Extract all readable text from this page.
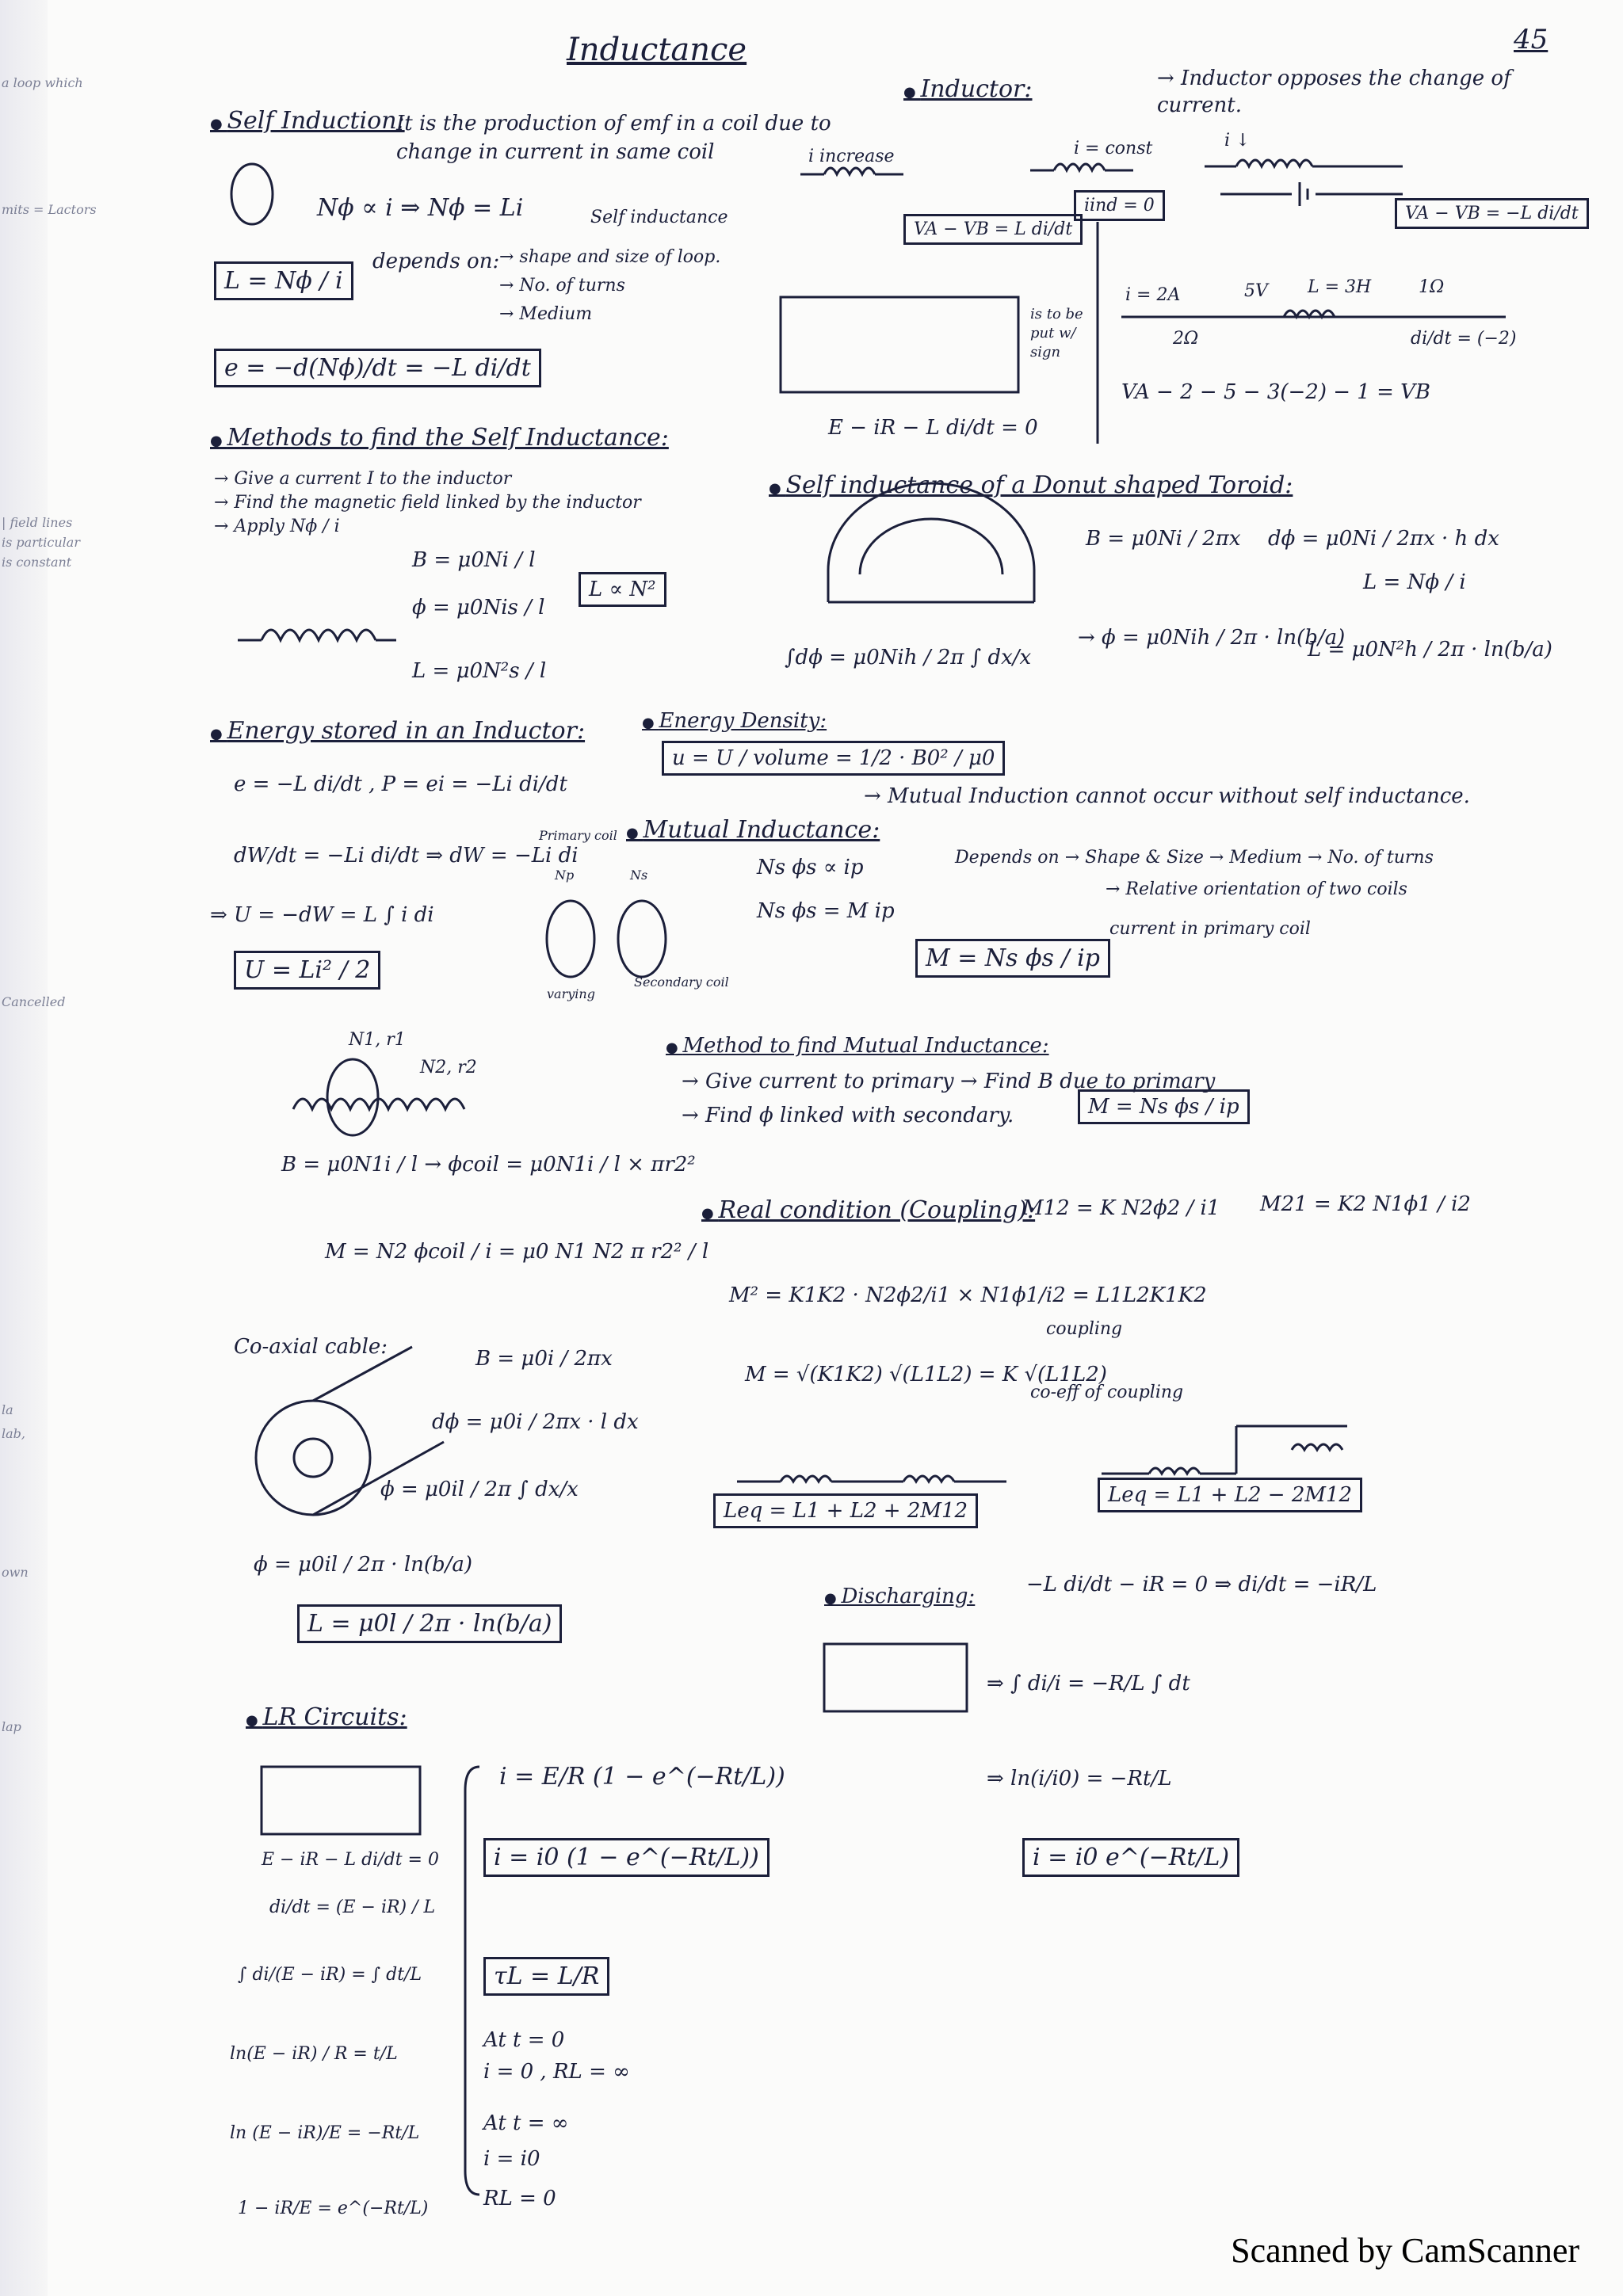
a loop which
mits = Lactors
| field lines
is particular
is constant
Cancelled
la
lab,
own
lap
Inductance	45
● Self Induction:
It is the production of emf in a coil due to change in current in same coil
Nϕ ∝ i ⇒ Nϕ = Li	Self inductance
L = Nϕ / i
depends on: → shape and size of loop.
→ No. of turns
→ Medium
e = −d(Nϕ)/dt = −L di/dt
● Inductor:	→ Inductor opposes the change of current.
i increase
VA − VB = L di/dt
i = const
iind = 0
i ↓
VA − VB = −L di/dt
E − iR − L di/dt = 0
is to be put w/ sign
i = 2A
2Ω
5V L = 3H	1Ω
di/dt = (−2)
VA − 2 − 5 − 3(−2) − 1 = VB
● Methods to find the Self Inductance:
→ Give a current I to the inductor
→ Find the magnetic field linked by the inductor
→ Apply Nϕ / i
B = μ0Ni / l
ϕ = μ0Nis / l
L = μ0N²s / l
L ∝ N²
● Self inductance of a Donut shaped Toroid:
B = μ0Ni / 2πx dϕ = μ0Ni / 2πx · h dx
∫dϕ = μ0Nih / 2π ∫ dx/x
→ ϕ = μ0Nih / 2π · ln(b/a)
L = Nϕ / i
L = μ0N²h / 2π · ln(b/a)
● Energy stored in an Inductor:
e = −L di/dt , P = ei = −Li di/dt
dW/dt = −Li di/dt ⇒ dW = −Li di
⇒ U = −dW = L ∫ i di
U = Li² / 2
● Energy Density:
u = U / volume = 1/2 · B0² / μ0
● Mutual Inductance:
→ Mutual Induction cannot occur without self inductance.
Ns ϕs ∝ ip
Ns ϕs = M ip
M = Ns ϕs / ip
Depends on → Shape & Size → Medium → No. of turns
→ Relative orientation of two coils
current in primary coil
Primary coil
Np	Ns
varying
Secondary coil
N1, r1
N2, r2
B = μ0N1i / l → ϕcoil = μ0N1i / l × πr2²
M = N2 ϕcoil / i = μ0 N1 N2 π r2² / l
● Method to find Mutual Inductance:
→ Give current to primary → Find B due to primary
→ Find ϕ linked with secondary.	M = Ns ϕs / ip
● Real condition (Coupling):
M12 = K N2ϕ2 / i1 M21 = K2 N1ϕ1 / i2
M² = K1K2 · N2ϕ2/i1 × N1ϕ1/i2 = L1L2K1K2
M = √(K1K2) √(L1L2) = K √(L1L2)
coupling
co-eff of coupling
Leq = L1 + L2 + 2M12
Leq = L1 + L2 − 2M12
Co-axial cable:	B = μ0i / 2πx
dϕ = μ0i / 2πx · l dx
ϕ = μ0il / 2π ∫ dx/x
ϕ = μ0il / 2π · ln(b/a)
L = μ0l / 2π · ln(b/a)
● Discharging: −L di/dt − iR = 0 ⇒ di/dt = −iR/L
⇒ ∫ di/i = −R/L ∫ dt
⇒ ln(i/i0) = −Rt/L
i = i0 e^(−Rt/L)
● LR Circuits:
E − iR − L di/dt = 0
di/dt = (E − iR) / L
∫ di/(E − iR) = ∫ dt/L
ln(E − iR) / R = t/L
ln (E − iR)/E = −Rt/L
1 − iR/E = e^(−Rt/L)
i = E/R (1 − e^(−Rt/L))
i = i0 (1 − e^(−Rt/L))
τL = L/R
At t = 0
i = 0 , RL = ∞
At t = ∞
i = i0
RL = 0
Scanned by CamScanner
